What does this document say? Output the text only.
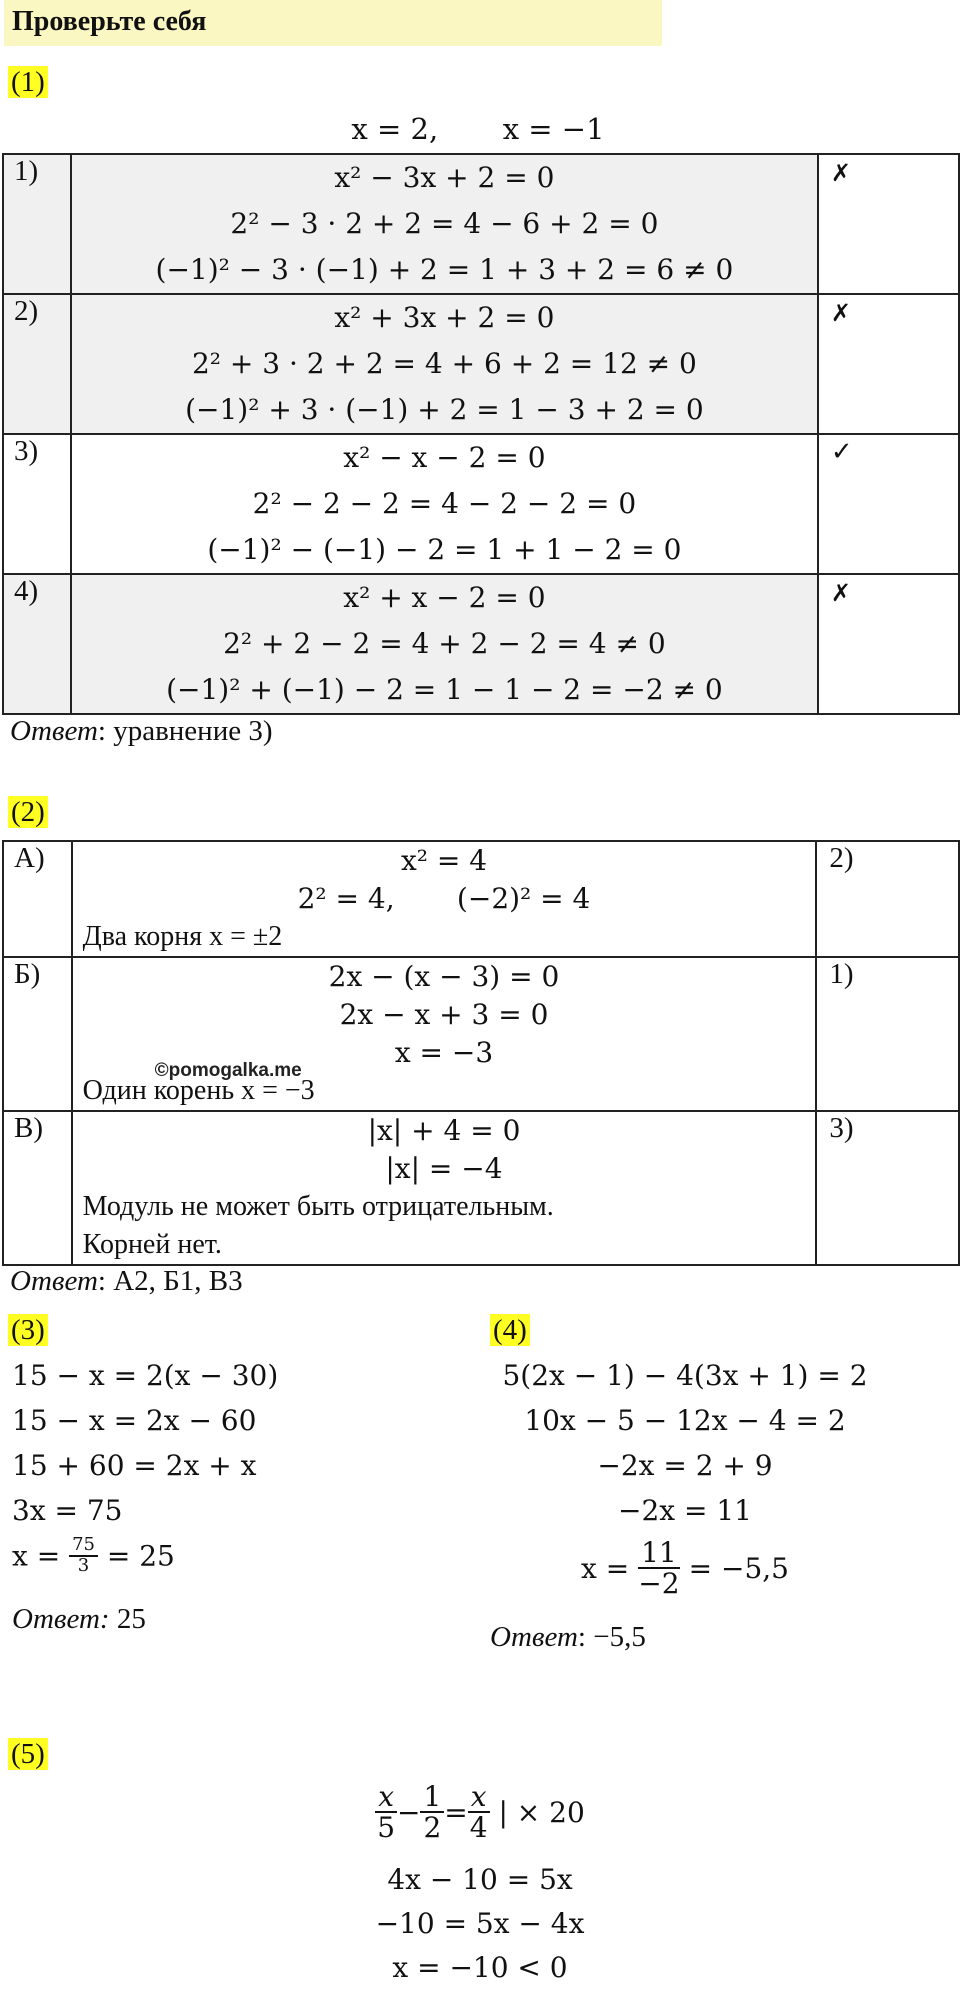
Проверьте себя
(1)
x = 2,       x = −1
1)	x² − 3x + 2 = 0
2² − 3 · 2 + 2 = 4 − 6 + 2 = 0
(−1)² − 3 · (−1) + 2 = 1 + 3 + 2 = 6 ≠ 0	✗
2)	x² + 3x + 2 = 0
2² + 3 · 2 + 2 = 4 + 6 + 2 = 12 ≠ 0
(−1)² + 3 · (−1) + 2 = 1 − 3 + 2 = 0	✗
3)	x² − x − 2 = 0
2² − 2 − 2 = 4 − 2 − 2 = 0
(−1)² − (−1) − 2 = 1 + 1 − 2 = 0	✓
4)	x² + x − 2 = 0
2² + 2 − 2 = 4 + 2 − 2 = 4 ≠ 0
(−1)² + (−1) − 2 = 1 − 1 − 2 = −2 ≠ 0	✗
Ответ: уравнение 3)
(2)
А)	x² = 4
2² = 4,       (−2)² = 4
Два корня x = ±2	2)
Б)	2x − (x − 3) = 0
2x − x + 3 = 0
x = −3
Один корень x = −3
©pomogalka.me	1)
В)	|x| + 4 = 0
|x| = −4
Модуль не может быть отрицательным.
Корней нет.	3)
Ответ: А2, Б1, В3
(3)
15 − x = 2(x − 30)
15 − x = 2x − 60
15 + 60 = 2x + x
3x = 75
$x = \frac{75}{3} = 25$
Ответ: 25
(4)
5(2x − 1) − 4(3x + 1) = 2
10x − 5 − 12x − 4 = 2
−2x = 2 + 9
−2x = 11
$x = \frac{11}{-2} = -5,5$
Ответ: −5,5
(5)
$\frac{x}{5} - \frac{1}{2} = \frac{x}{4}$ | × 20
4x − 10 = 5x
−10 = 5x − 4x
x = −10 < 0
